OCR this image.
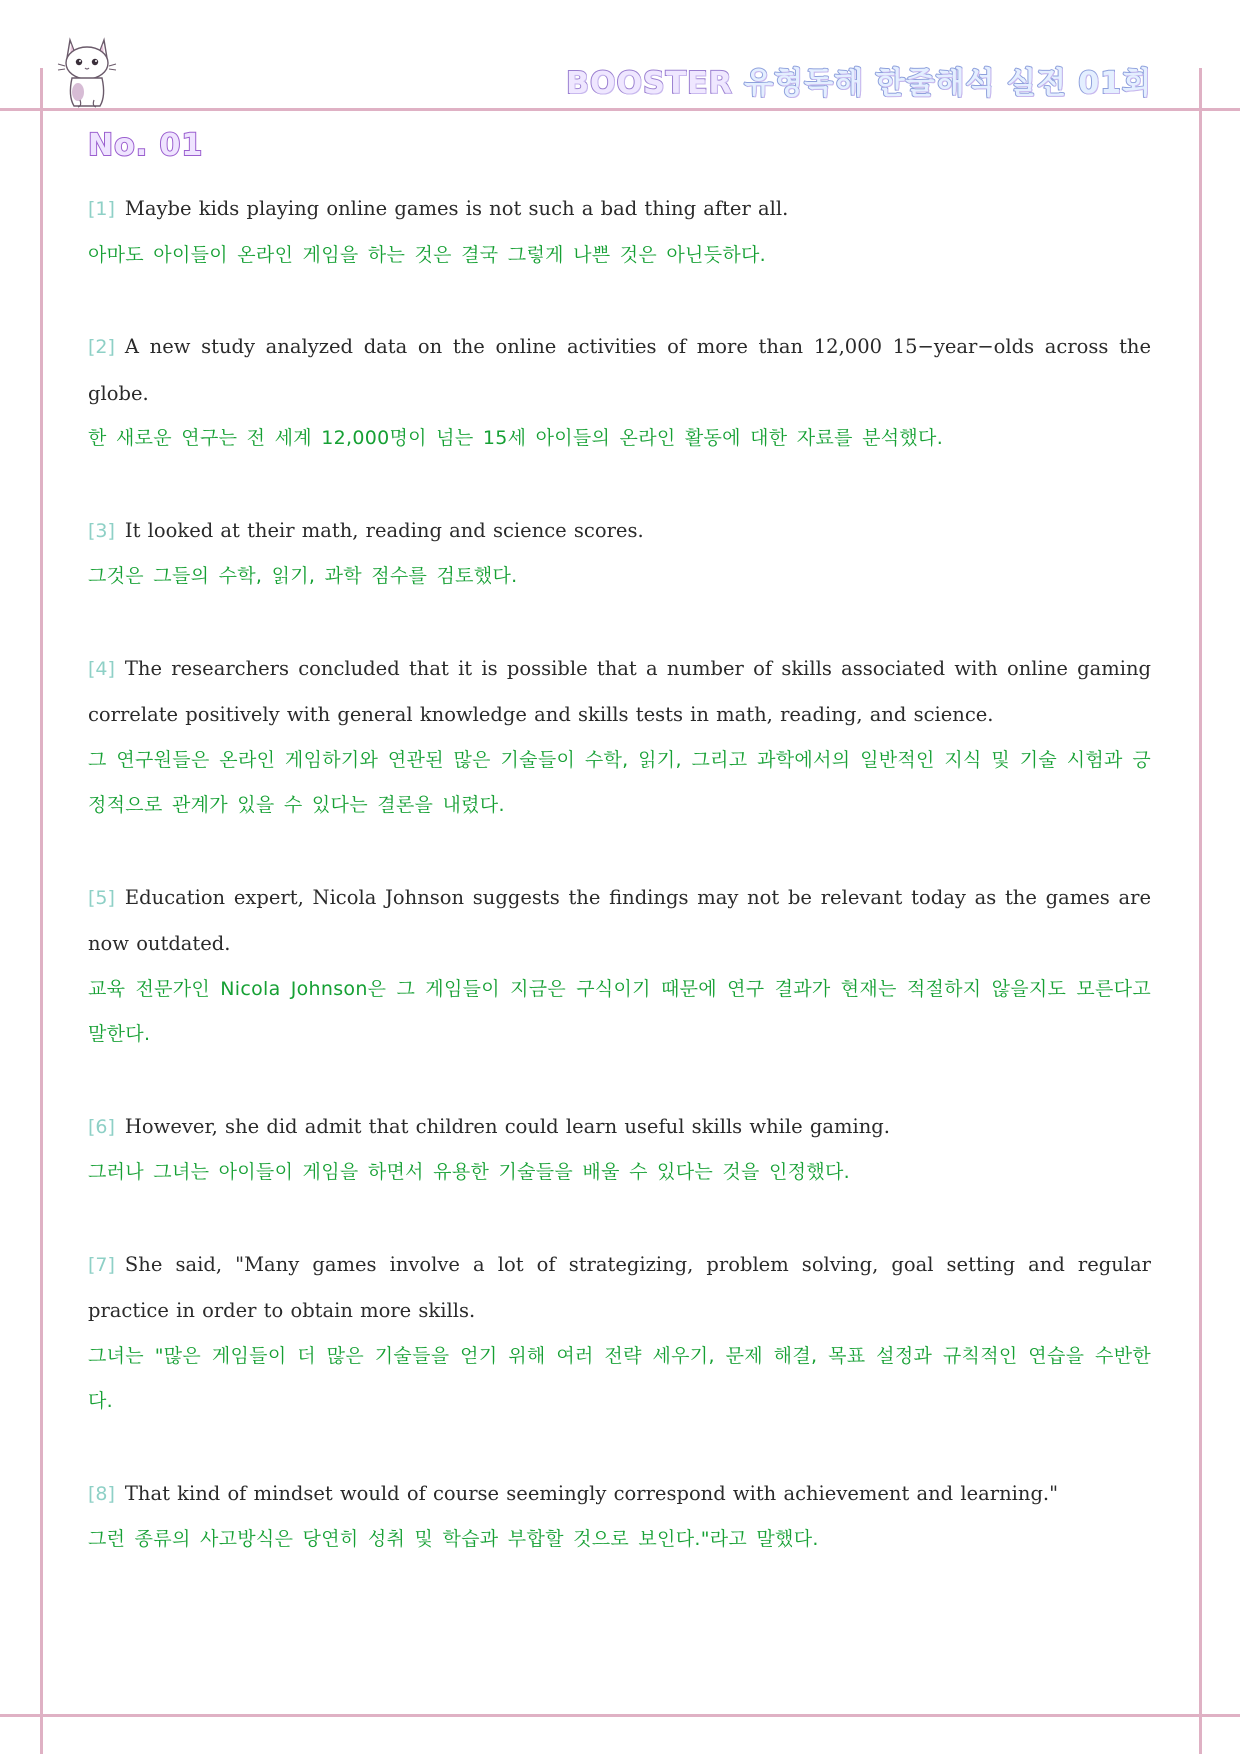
BOOSTER 유형독해 한줄해석 실전 01회
No. 01
[1] Maybe kids playing online games is not such a bad thing after all.
아마도 아이들이 온라인 게임을 하는 것은 결국 그렇게 나쁜 것은 아닌듯하다.
[2] A new study analyzed data on the online activities of more than 12,000 15−year−olds across the globe.
한 새로운 연구는 전 세계 12,000명이 넘는 15세 아이들의 온라인 활동에 대한 자료를 분석했다.
[3] It looked at their math, reading and science scores.
그것은 그들의 수학, 읽기, 과학 점수를 검토했다.
[4] The researchers concluded that it is possible that a number of skills associated with online gaming correlate positively with general knowledge and skills tests in math, reading, and science.
그 연구원들은 온라인 게임하기와 연관된 많은 기술들이 수학, 읽기, 그리고 과학에서의 일반적인 지식 및 기술 시험과 긍정적으로 관계가 있을 수 있다는 결론을 내렸다.
[5] Education expert, Nicola Johnson suggests the findings may not be relevant today as the games are now outdated.
교육 전문가인 Nicola Johnson은 그 게임들이 지금은 구식이기 때문에 연구 결과가 현재는 적절하지 않을지도 모른다고 말한다.
[6] However, she did admit that children could learn useful skills while gaming.
그러나 그녀는 아이들이 게임을 하면서 유용한 기술들을 배울 수 있다는 것을 인정했다.
[7] She said, "Many games involve a lot of strategizing, problem solving, goal setting and regular practice in order to obtain more skills.
그녀는 "많은 게임들이 더 많은 기술들을 얻기 위해 여러 전략 세우기, 문제 해결, 목표 설정과 규칙적인 연습을 수반한다.
[8] That kind of mindset would of course seemingly correspond with achievement and learning."
그런 종류의 사고방식은 당연히 성취 및 학습과 부합할 것으로 보인다."라고 말했다.
